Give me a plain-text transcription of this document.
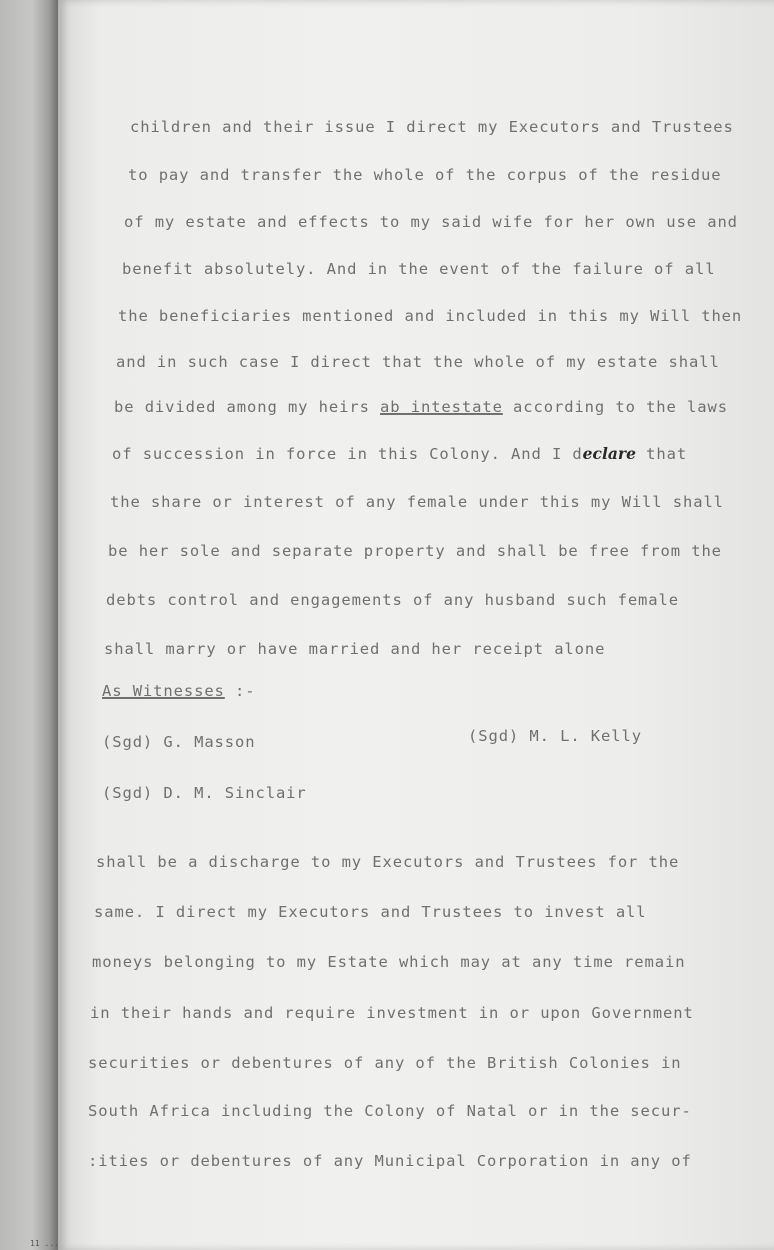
children and their issue I direct my Executors and Trustees
to pay and transfer the whole of the corpus of the residue
of my estate and effects to my said wife for her own use and
benefit absolutely. And in the event of the failure of all
the beneficiaries mentioned and included in this my Will then
and in such case I direct that the whole of my estate shall
be divided among my heirs ab intestate according to the laws
of succession in force in this Colony. And I declare that
the share or interest of any female under this my Will shall
be her sole and separate property and shall be free from the
debts control and engagements of any husband such female
shall marry or have married and her receipt alone
As Witnesses :-
(Sgd) G. Masson	(Sgd) M. L. Kelly
(Sgd) D. M. Sinclair
shall be a discharge to my Executors and Trustees for the
same. I direct my Executors and Trustees to invest all
moneys belonging to my Estate which may at any time remain
in their hands and require investment in or upon Government
securities or debentures of any of the British Colonies in
South Africa including the Colony of Natal or in the secur-
:ities or debentures of any Municipal Corporation in any of
11 ...
